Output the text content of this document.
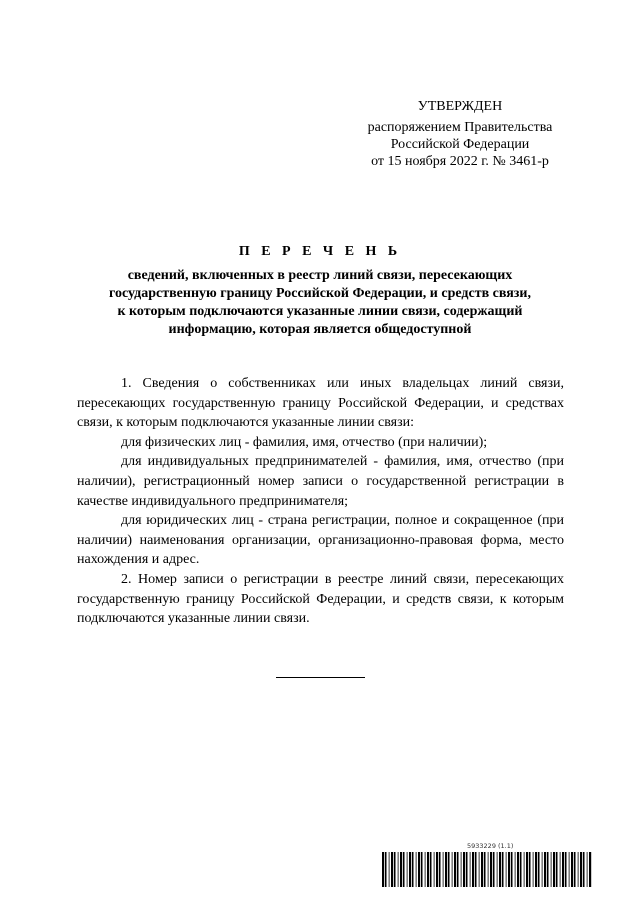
УТВЕРЖДЕН
распоряжением Правительства
Российской Федерации
от 15 ноября 2022 г. № 3461-р
П Е Р Е Ч Е Н Ь
сведений, включенных в реестр линий связи, пересекающих
государственную границу Российской Федерации, и средств связи,
к которым подключаются указанные линии связи, содержащий
информацию, которая является общедоступной

1. Сведения о собственниках или иных владельцах линий связи, пересекающих государственную границу Российской Федерации, и средствах связи, к которым подключаются указанные линии связи:

для физических лиц - фамилия, имя, отчество (при наличии);

для индивидуальных предпринимателей - фамилия, имя, отчество (при наличии), регистрационный номер записи о государственной регистрации в качестве индивидуального предпринимателя;

для юридических лиц - страна регистрации, полное и сокращенное (при наличии) наименования организации, организационно-правовая форма, место нахождения и адрес.

2. Номер записи о регистрации в реестре линий связи, пересекающих государственную границу Российской Федерации, и средств связи, к которым подключаются указанные линии связи.

5933229 (1.1)
